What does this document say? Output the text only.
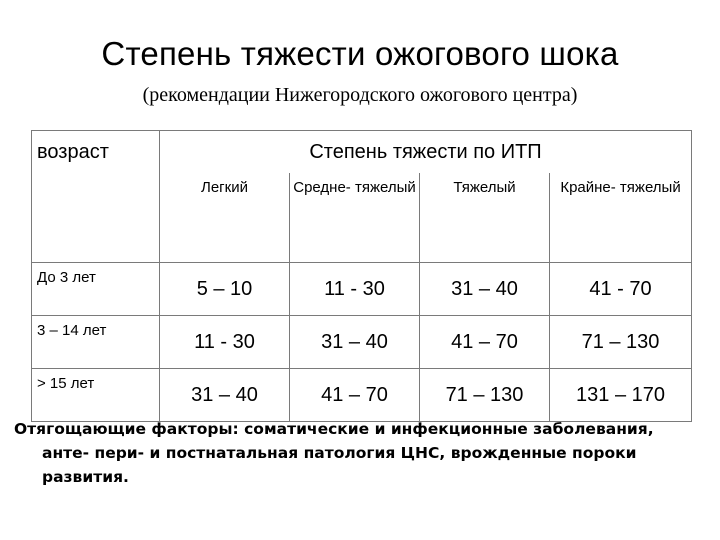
Степень тяжести ожогового шока
(рекомендации Нижегородского ожогового центра)
возраст	Степень тяжести по ИТП			
	Легкий	Средне- тяжелый	Тяжелый	Крайне- тяжелый
До 3 лет	5 – 10	11 - 30	31 – 40	41 - 70
3 – 14 лет	11 - 30	31 – 40	41 – 70	71 – 130
> 15 лет	31 – 40	41 – 70	71 – 130	131 – 170
Отягощающие факторы: соматические и инфекционные заболевания, анте- пери- и постнатальная патология ЦНС, врожденные пороки развития.
